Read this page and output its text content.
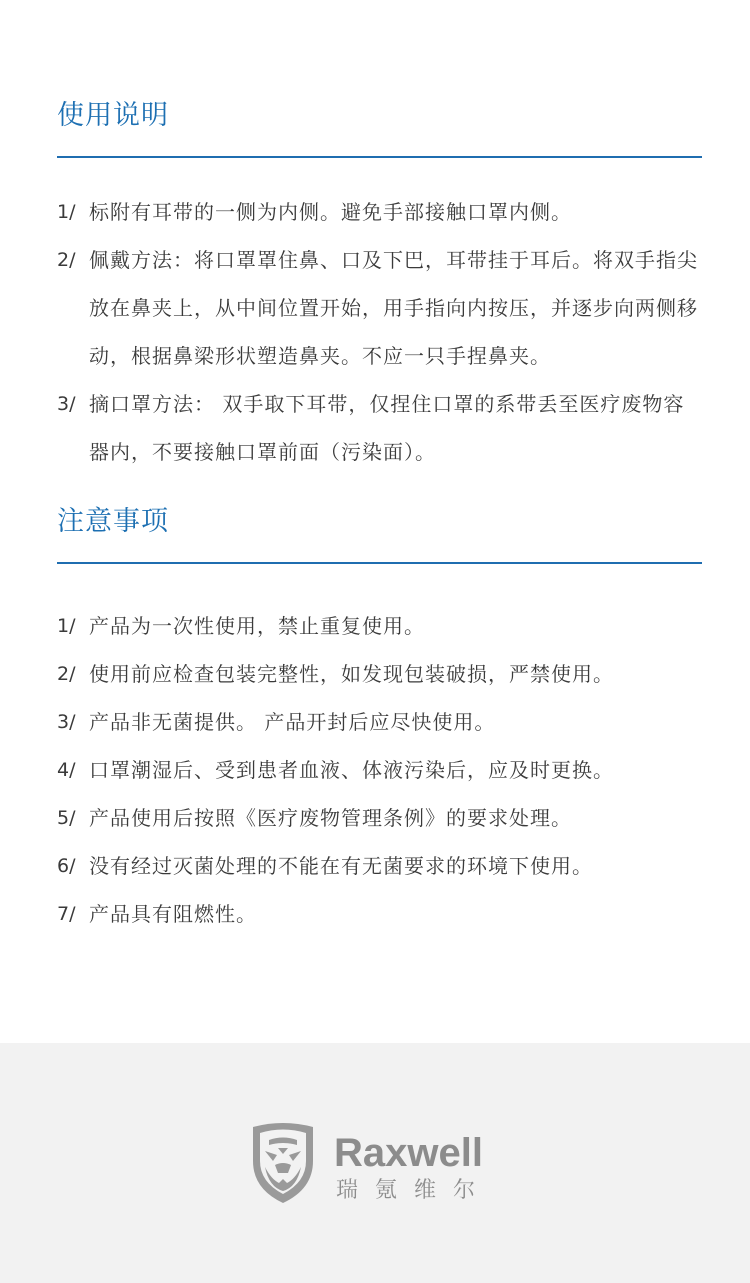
使用说明
1/ 标附有耳带的一侧为内侧。避免手部接触口罩内侧。
2/ 佩戴方法：将口罩罩住鼻、口及下巴，耳带挂于耳后。将双手指尖放在鼻夹上，从中间位置开始，用手指向内按压，并逐步向两侧移动，根据鼻梁形状塑造鼻夹。不应一只手捏鼻夹。
3/ 摘口罩方法： 双手取下耳带，仅捏住口罩的系带丢至医疗废物容器内，不要接触口罩前面（污染面）。
注意事项
1/ 产品为一次性使用，禁止重复使用。
2/ 使用前应检查包装完整性，如发现包装破损，严禁使用。
3/ 产品非无菌提供。 产品开封后应尽快使用。
4/ 口罩潮湿后、受到患者血液、体液污染后，应及时更换。
5/ 产品使用后按照《医疗废物管理条例》的要求处理。
6/ 没有经过灭菌处理的不能在有无菌要求的环境下使用。
7/ 产品具有阻燃性。
Raxwell
瑞氪维尔
